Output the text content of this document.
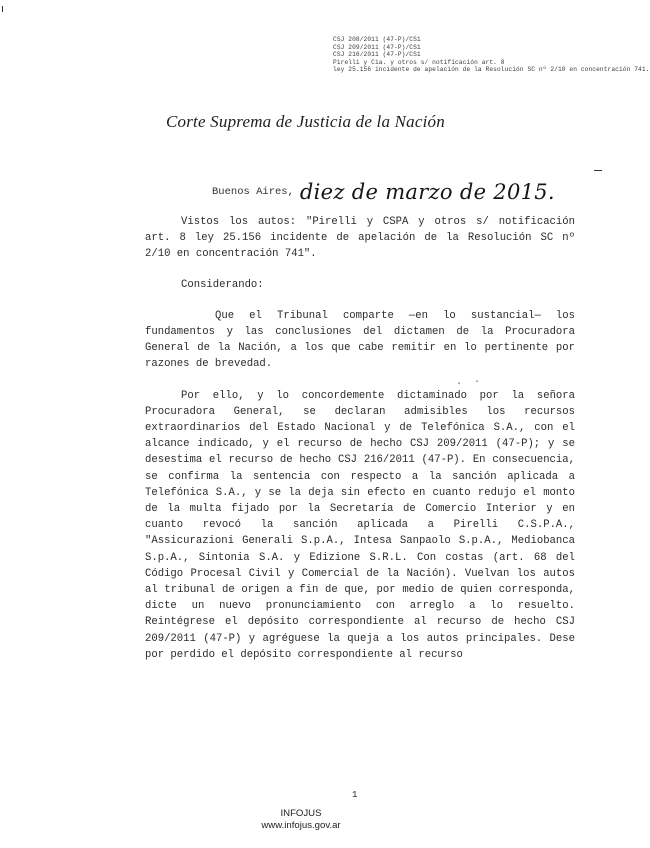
CSJ 208/2011 (47-P)/CS1
CSJ 209/2011 (47-P)/CS1
CSJ 216/2011 (47-P)/CS1
Pirelli y Cia. y otros s/ notificación art. 8
ley 25.156 incidente de apelación de la Resolución SC nº 2/10 en concentración 741.
Corte Suprema de Justicia de la Nación
Buenos Aires, diez de marzo de 2015.

Vistos los autos: "Pirelli y CSPA y otros s/ notificación art. 8 ley 25.156 incidente de apelación de la Resolución SC nº 2/10 en concentración 741".

Considerando:

Que el Tribunal comparte —en lo sustancial— los fundamentos y las conclusiones del dictamen de la Procuradora General de la Nación, a los que cabe remitir en lo pertinente por razones de brevedad.

Por ello, y lo concordemente dictaminado por la señora Procuradora General, se declaran admisibles los recursos extraordinarios del Estado Nacional y de Telefónica S.A., con el alcance indicado, y el recurso de hecho CSJ 209/2011 (47-P); y se desestima el recurso de hecho CSJ 216/2011 (47-P). En consecuencia, se confirma la sentencia con respecto a la sanción aplicada a Telefónica S.A., y se la deja sin efecto en cuanto redujo el monto de la multa fijado por la Secretaría de Comercio Interior y en cuanto revocó la sanción aplicada a Pirelli C.S.P.A., "Assicurazioni Generali S.p.A., Intesa Sanpaolo S.p.A., Mediobanca S.p.A., Sintonia S.A. y Edizione S.R.L. Con costas (art. 68 del Código Procesal Civil y Comercial de la Nación). Vuelvan los autos al tribunal de origen a fin de que, por medio de quien corresponda, dicte un nuevo pronunciamiento con arreglo a lo resuelto. Reintégrese el depósito correspondiente al recurso de hecho CSJ 209/2011 (47-P) y agréguese la queja a los autos principales. Dese por perdido el depósito correspondiente al recurso

. ·
1
INFOJUS
www.infojus.gov.ar
